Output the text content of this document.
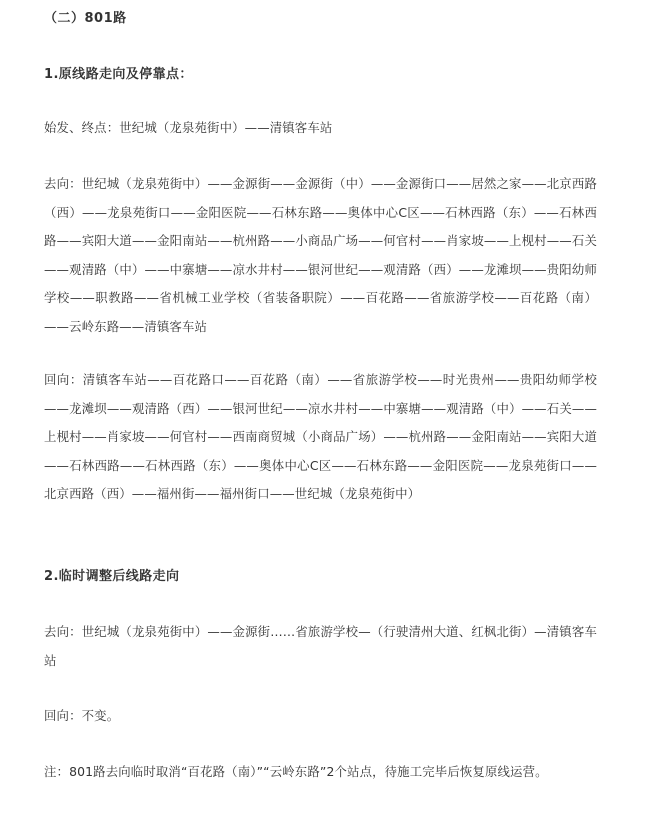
（二）801路
1.原线路走向及停靠点：

始发、终点：世纪城（龙泉苑街中）——清镇客车站

去向：世纪城（龙泉苑街中）——金源街——金源街（中）——金源街口——居然之家——北京西路（西）——龙泉苑街口——金阳医院——石林东路——奥体中心C区——石林西路（东）——石林西路——宾阳大道——金阳南站——杭州路——小商品广场——何官村——肖家坡——上枧村——石关——观清路（中）——中寨塘——凉水井村——银河世纪——观清路（西）——龙滩坝——贵阳幼师学校——职教路——省机械工业学校（省装备职院）——百花路——省旅游学校——百花路（南）——云岭东路——清镇客车站

回向：清镇客车站——百花路口——百花路（南）——省旅游学校——时光贵州——贵阳幼师学校——龙滩坝——观清路（西）——银河世纪——凉水井村——中寨塘——观清路（中）——石关——上枧村——肖家坡——何官村——西南商贸城（小商品广场）——杭州路——金阳南站——宾阳大道——石林西路——石林西路（东）——奥体中心C区——石林东路——金阳医院——龙泉苑街口——北京西路（西）——福州街——福州街口——世纪城（龙泉苑街中）

2.临时调整后线路走向

去向：世纪城（龙泉苑街中）——金源街……省旅游学校—（行驶清州大道、红枫北街）—清镇客车站

回向：不变。

注：801路去向临时取消“百花路（南）”“云岭东路”2个站点，待施工完毕后恢复原线运营。
